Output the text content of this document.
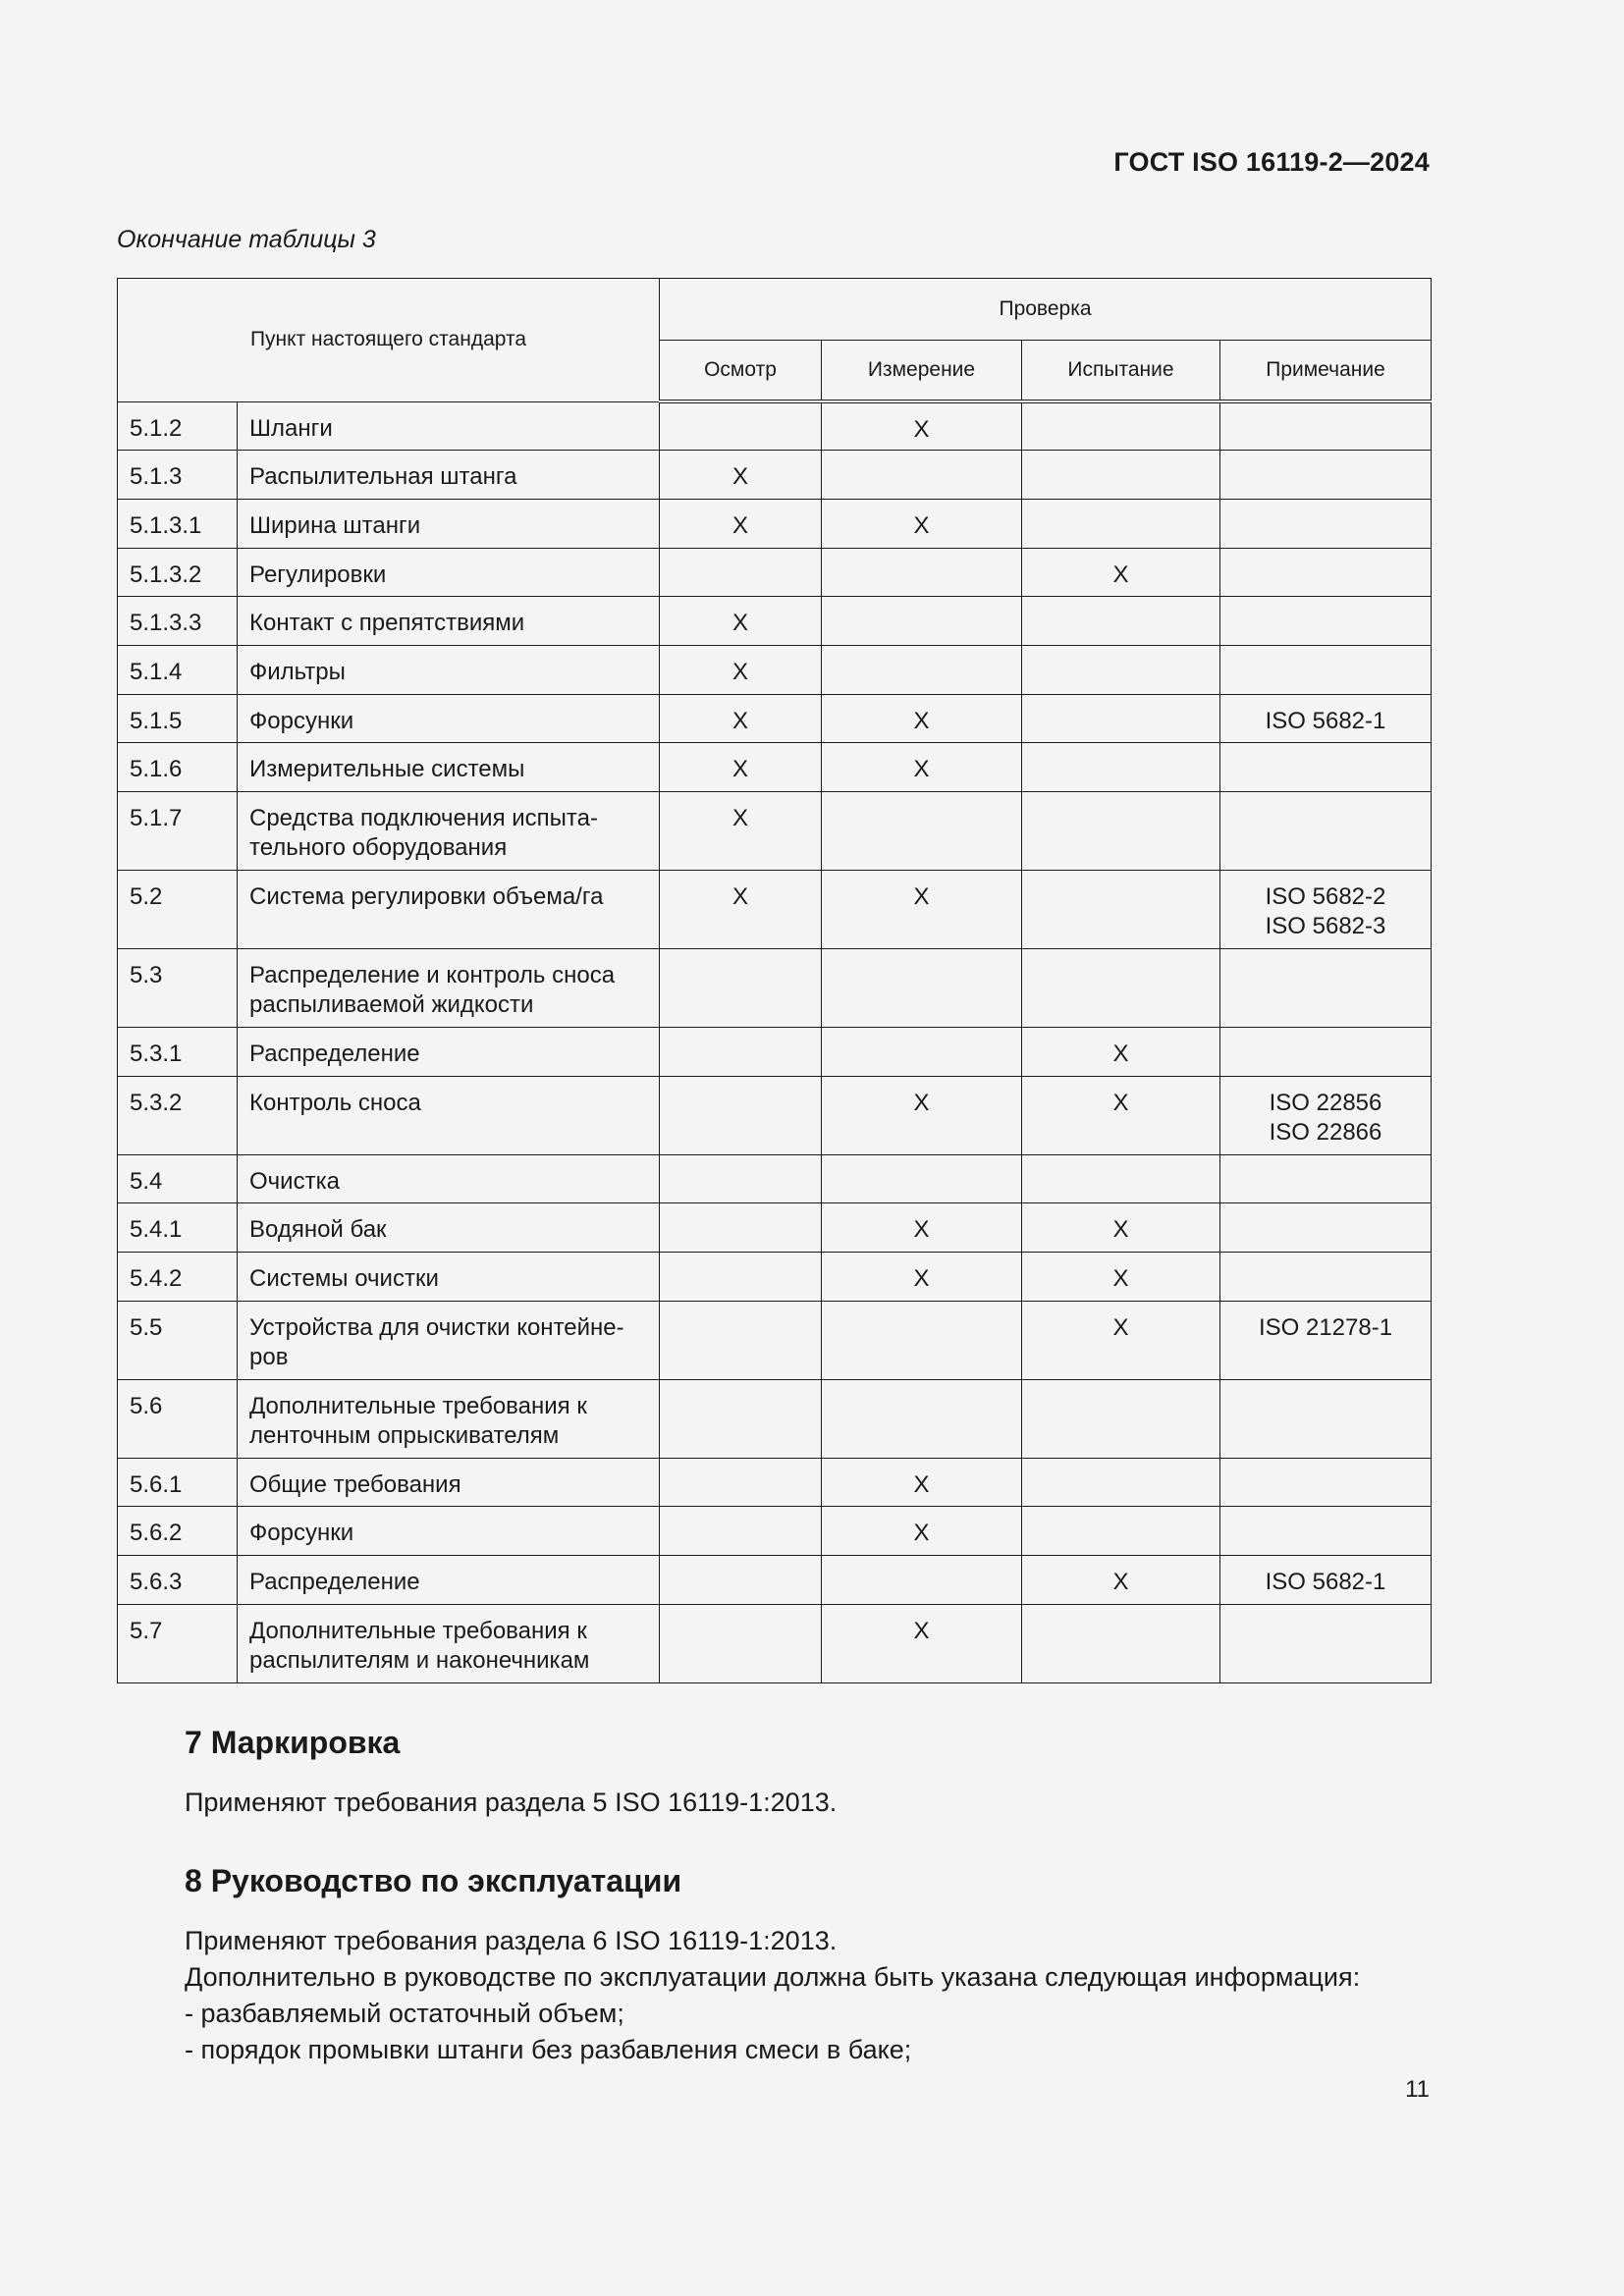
ГОСТ ISO 16119-2—2024
Окончание таблицы 3
Пункт настоящего стандарта		Проверка			
		Осмотр	Измерение	Испытание	Примечание
5.1.2	Шланги		X		
5.1.3	Распылительная штанга	X			
5.1.3.1	Ширина штанги	X	X		
5.1.3.2	Регулировки			X	
5.1.3.3	Контакт с препятствиями	X			
5.1.4	Фильтры	X			
5.1.5	Форсунки	X	X		ISO 5682-1
5.1.6	Измерительные системы	X	X		
5.1.7	Средства подключения испыта-
тельного оборудования	X			
5.2	Система регулировки объема/га	X	X		ISO 5682-2
ISO 5682-3
5.3	Распределение и контроль сноса
распыливаемой жидкости				
5.3.1	Распределение			X	
5.3.2	Контроль сноса		X	X	ISO 22856
ISO 22866
5.4	Очистка				
5.4.1	Водяной бак		X	X	
5.4.2	Системы очистки		X	X	
5.5	Устройства для очистки контейне-
ров			X	ISO 21278-1
5.6	Дополнительные требования к
ленточным опрыскивателям				
5.6.1	Общие требования		X		
5.6.2	Форсунки		X		
5.6.3	Распределение			X	ISO 5682-1
5.7	Дополнительные требования к
распылителям и наконечникам		X		
7 Маркировка
Применяют требования раздела 5 ISO 16119-1:2013.
8 Руководство по эксплуатации
Применяют требования раздела 6 ISO 16119-1:2013.
Дополнительно в руководстве по эксплуатации должна быть указана следующая информация:
- разбавляемый остаточный объем;
- порядок промывки штанги без разбавления смеси в баке;
11
